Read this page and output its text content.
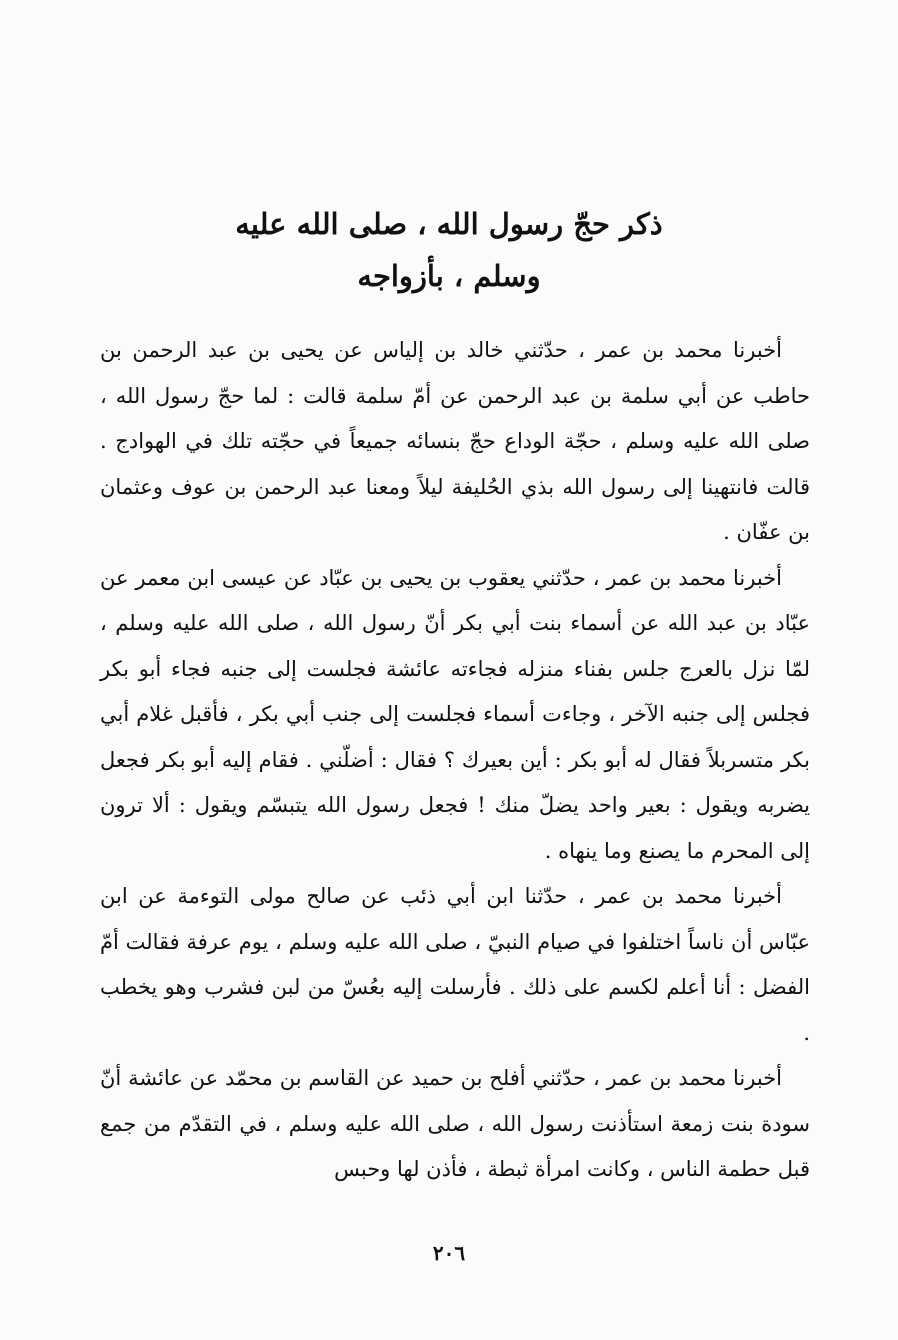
ذكر حجّ رسول الله ، صلى الله عليه
وسلم ، بأزواجه

أخبرنا محمد بن عمر ، حدّثني خالد بن إلياس عن يحيى بن عبد الرحمن بن حاطب عن أبي سلمة بن عبد الرحمن عن أمّ سلمة قالت : لما حجّ رسول الله ، صلى الله عليه وسلم ، حجّة الوداع حجّ بنسائه جميعاً في حجّته تلك في الهوادج . قالت فانتهينا إلى رسول الله بذي الحُليفة ليلاً ومعنا عبد الرحمن بن عوف وعثمان بن عفّان .

أخبرنا محمد بن عمر ، حدّثني يعقوب بن يحيى بن عبّاد عن عيسى ابن معمر عن عبّاد بن عبد الله عن أسماء بنت أبي بكر أنّ رسول الله ، صلى الله عليه وسلم ، لمّا نزل بالعرج جلس بفناء منزله فجاءته عائشة فجلست إلى جنبه فجاء أبو بكر فجلس إلى جنبه الآخر ، وجاءت أسماء فجلست إلى جنب أبي بكر ، فأقبل غلام أبي بكر متسربلاً فقال له أبو بكر : أين بعيرك ؟ فقال : أضلّني . فقام إليه أبو بكر فجعل يضربه ويقول : بعير واحد يضلّ منك ! فجعل رسول الله يتبسّم ويقول : ألا ترون إلى المحرم ما يصنع وما ينهاه .

أخبرنا محمد بن عمر ، حدّثنا ابن أبي ذئب عن صالح مولى التوءمة عن ابن عبّاس أن ناساً اختلفوا في صيام النبيّ ، صلى الله عليه وسلم ، يوم عرفة فقالت أمّ الفضل : أنا أعلم لكسم على ذلك . فأرسلت إليه بعُسّ من لبن فشرب وهو يخطب .

أخبرنا محمد بن عمر ، حدّثني أفلح بن حميد عن القاسم بن محمّد عن عائشة أنّ سودة بنت زمعة استأذنت رسول الله ، صلى الله عليه وسلم ، في التقدّم من جمع قبل حطمة الناس ، وكانت امرأة ثبطة ، فأذن لها وحبس

٢٠٦
